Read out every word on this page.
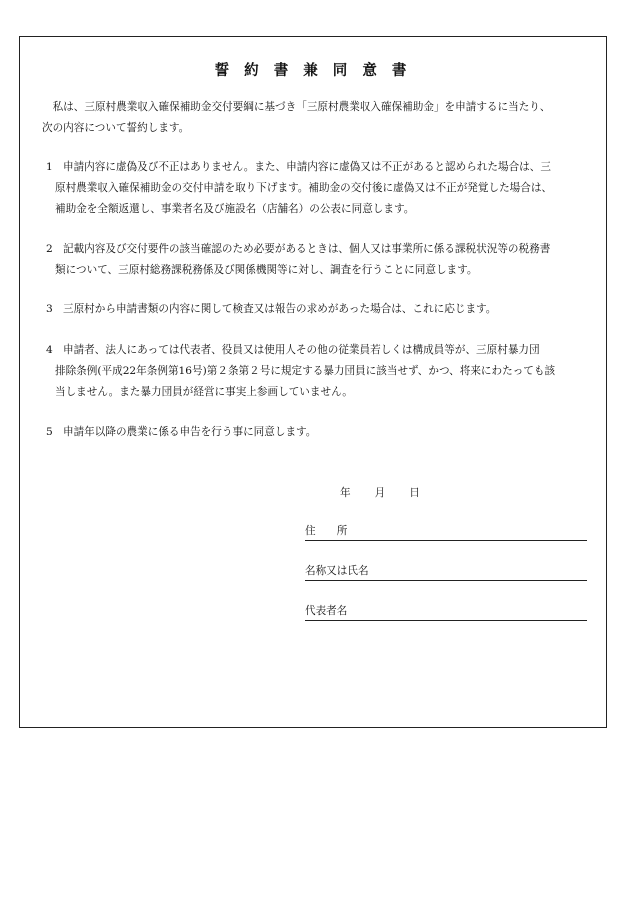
誓 約 書 兼 同 意 書
私は、三原村農業収入確保補助金交付要綱に基づき「三原村農業収入確保補助金」を申請するに当たり、
次の内容について誓約します。
1 申請内容に虚偽及び不正はありません。また、申請内容に虚偽又は不正があると認められた場合は、三
原村農業収入確保補助金の交付申請を取り下げます。補助金の交付後に虚偽又は不正が発覚した場合は、
補助金を全額返還し、事業者名及び施設名（店舗名）の公表に同意します。
2 記載内容及び交付要件の該当確認のため必要があるときは、個人又は事業所に係る課税状況等の税務書
類について、三原村総務課税務係及び関係機関等に対し、調査を行うことに同意します。
3 三原村から申請書類の内容に関して検査又は報告の求めがあった場合は、これに応じます。
4 申請者、法人にあっては代表者、役員又は使用人その他の従業員若しくは構成員等が、三原村暴力団
排除条例(平成22年条例第16号)第２条第２号に規定する暴力団員に該当せず、かつ、将来にわたっても該
当しません。また暴力団員が経営に事実上参画していません。
5 申請年以降の農業に係る申告を行う事に同意します。
年 月 日
住　　所
名称又は氏名
代表者名
